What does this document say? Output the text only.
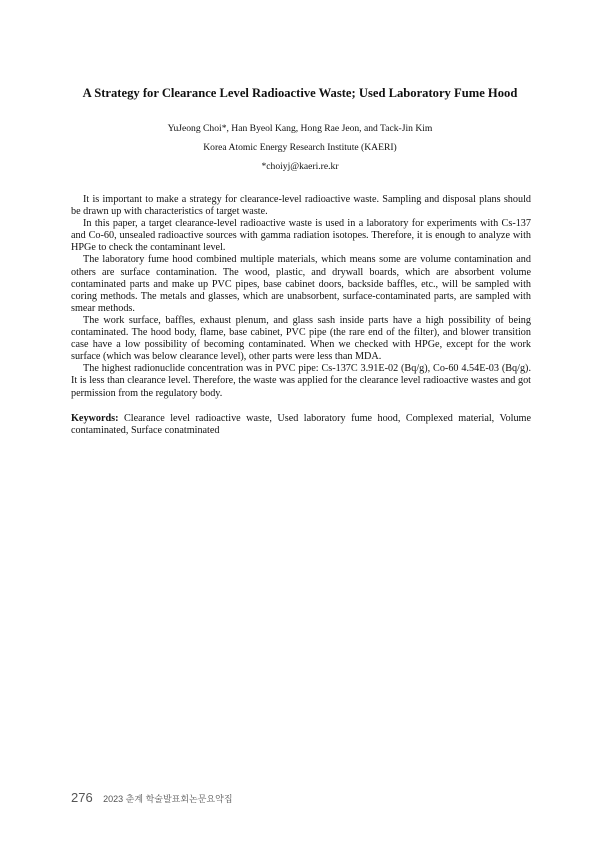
A Strategy for Clearance Level Radioactive Waste; Used Laboratory Fume Hood
YuJeong Choi*, Han Byeol Kang, Hong Rae Jeon, and Tack-Jin Kim
Korea Atomic Energy Research Institute (KAERI)
*choiyj@kaeri.re.kr

It is important to make a strategy for clearance-level radioactive waste. Sampling and disposal plans should be drawn up with characteristics of target waste.

In this paper, a target clearance-level radioactive waste is used in a laboratory for experiments with Cs-137 and Co-60, unsealed radioactive sources with gamma radiation isotopes. Therefore, it is enough to analyze with HPGe to check the contaminant level.

The laboratory fume hood combined multiple materials, which means some are volume contamination and others are surface contamination. The wood, plastic, and drywall boards, which are absorbent volume contaminated parts and make up PVC pipes, base cabinet doors, backside baffles, etc., will be sampled with coring methods. The metals and glasses, which are unabsorbent, surface-contaminated parts, are sampled with smear methods.

The work surface, baffles, exhaust plenum, and glass sash inside parts have a high possibility of being contaminated. The hood body, flame, base cabinet, PVC pipe (the rare end of the filter), and blower transition case have a low possibility of becoming contaminated. When we checked with HPGe, except for the work surface (which was below clearance level), other parts were less than MDA.

The highest radionuclide concentration was in PVC pipe: Cs-137C 3.91E-02 (Bq/g), Co-60 4.54E-03 (Bq/g). It is less than clearance level. Therefore, the waste was applied for the clearance level radioactive wastes and got permission from the regulatory body.

Keywords: Clearance level radioactive waste, Used laboratory fume hood, Complexed material, Volume contaminated, Surface conatminated

276 2023 춘계 학술발표회논문요약집
